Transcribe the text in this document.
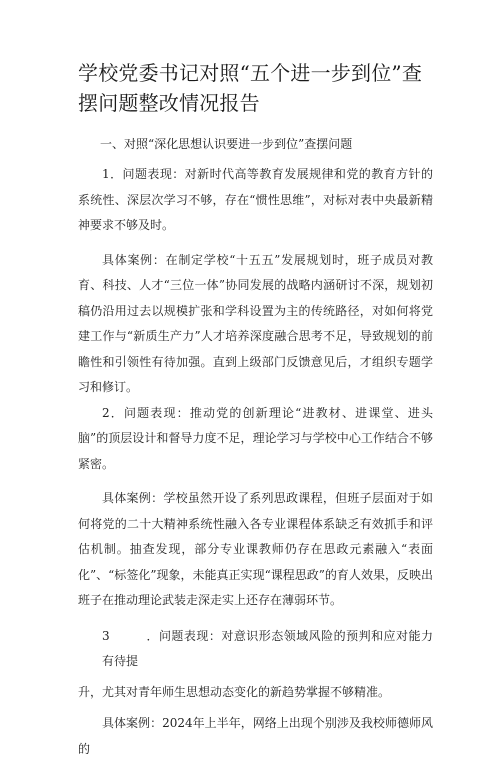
学校党委书记对照“五个进一步到位”查摆问题整改情况报告
一、对照“深化思想认识要进一步到位”查摆问题

1．问题表现：对新时代高等教育发展规律和党的教育方针的系统性、深层次学习不够，存在“惯性思维”，对标对表中央最新精神要求不够及时。

具体案例：在制定学校“十五五”发展规划时，班子成员对教育、科技、人才“三位一体”协同发展的战略内涵研讨不深，规划初稿仍沿用过去以规模扩张和学科设置为主的传统路径，对如何将党建工作与“新质生产力”人才培养深度融合思考不足，导致规划的前瞻性和引领性有待加强。直到上级部门反馈意见后，才组织专题学习和修订。

2．问题表现：推动党的创新理论“进教材、进课堂、进头脑”的顶层设计和督导力度不足，理论学习与学校中心工作结合不够紧密。

具体案例：学校虽然开设了系列思政课程，但班子层面对于如何将党的二十大精神系统性融入各专业课程体系缺乏有效抓手和评估机制。抽查发现，部分专业课教师仍存在思政元素融入“表面化”、“标签化”现象，未能真正实现“课程思政”的育人效果，反映出班子在推动理论武装走深走实上还存在薄弱环节。

3	．问题表现：对意识形态领域风险的预判和应对能力有待提

升，尤其对青年师生思想动态变化的新趋势掌握不够精准。

具体案例：2024年上半年，网络上出现个别涉及我校师德师风的
